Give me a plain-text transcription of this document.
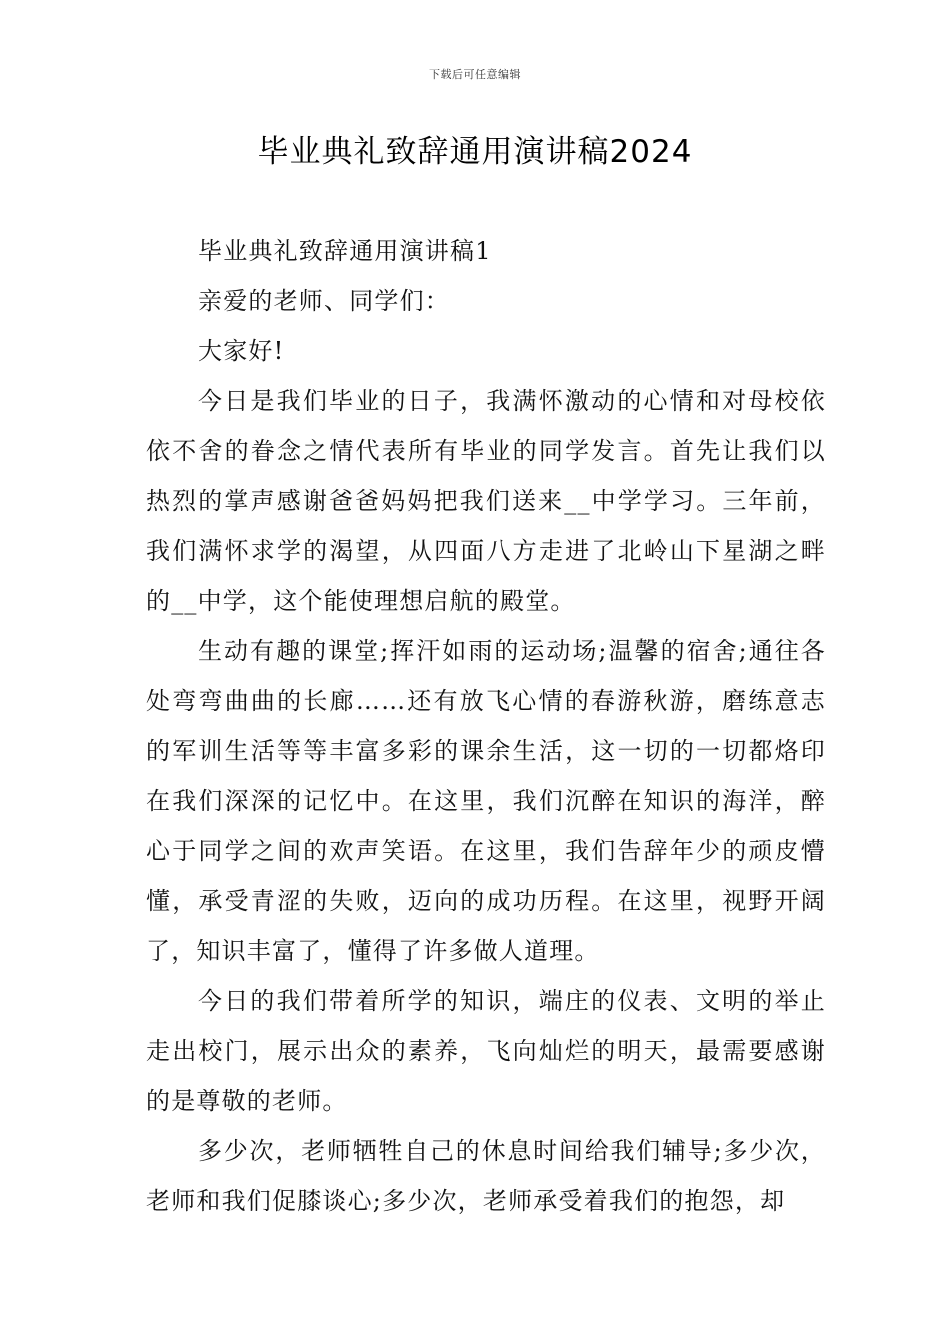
下载后可任意编辑
毕业典礼致辞通用演讲稿2024

毕业典礼致辞通用演讲稿1

亲爱的老师、同学们：

大家好!

今日是我们毕业的日子，我满怀激动的心情和对母校依依不舍的眷念之情代表所有毕业的同学发言。首先让我们以热烈的掌声感谢爸爸妈妈把我们送来__中学学习。三年前，我们满怀求学的渴望，从四面八方走进了北岭山下星湖之畔的__中学，这个能使理想启航的殿堂。

生动有趣的课堂;挥汗如雨的运动场;温馨的宿舍;通往各处弯弯曲曲的长廊……还有放飞心情的春游秋游，磨练意志的军训生活等等丰富多彩的课余生活，这一切的一切都烙印在我们深深的记忆中。在这里，我们沉醉在知识的海洋，醉心于同学之间的欢声笑语。在这里，我们告辞年少的顽皮懵懂，承受青涩的失败，迈向的成功历程。在这里，视野开阔了，知识丰富了，懂得了许多做人道理。

今日的我们带着所学的知识，端庄的仪表、文明的举止走出校门，展示出众的素养，飞向灿烂的明天，最需要感谢的是尊敬的老师。

多少次，老师牺牲自己的休息时间给我们辅导;多少次，老师和我们促膝谈心;多少次，老师承受着我们的抱怨，却
